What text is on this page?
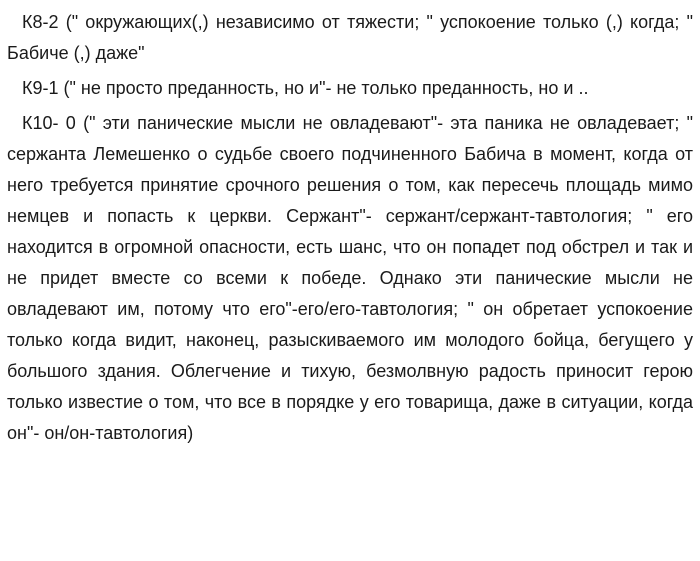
К8-2 (" окружающих(,) независимо от тяжести; " успокоение только (,) когда; " Бабиче (,) даже"

К9-1 (" не просто преданность, но и"- не только преданность, но и ..

К10- 0 (" эти панические мысли не овладевают"- эта паника не овладевает; " сержанта Лемешенко о судьбе своего подчиненного Бабича в момент, когда от него требуется принятие срочного решения о том, как пересечь площадь мимо немцев и попасть к церкви. Сержант"- сержант/сержант-тавтология; " его находится в огромной опасности, есть шанс, что он попадет под обстрел и так и не придет вместе со всеми к победе. Однако эти панические мысли не овладевают им, потому что его"-его/его-тавтология; " он обретает успокоение только когда видит, наконец, разыскиваемого им молодого бойца, бегущего у большого здания. Облегчение и тихую, безмолвную радость приносит герою только известие о том, что все в порядке у его товарища, даже в ситуации, когда он"- он/он-тавтология)
